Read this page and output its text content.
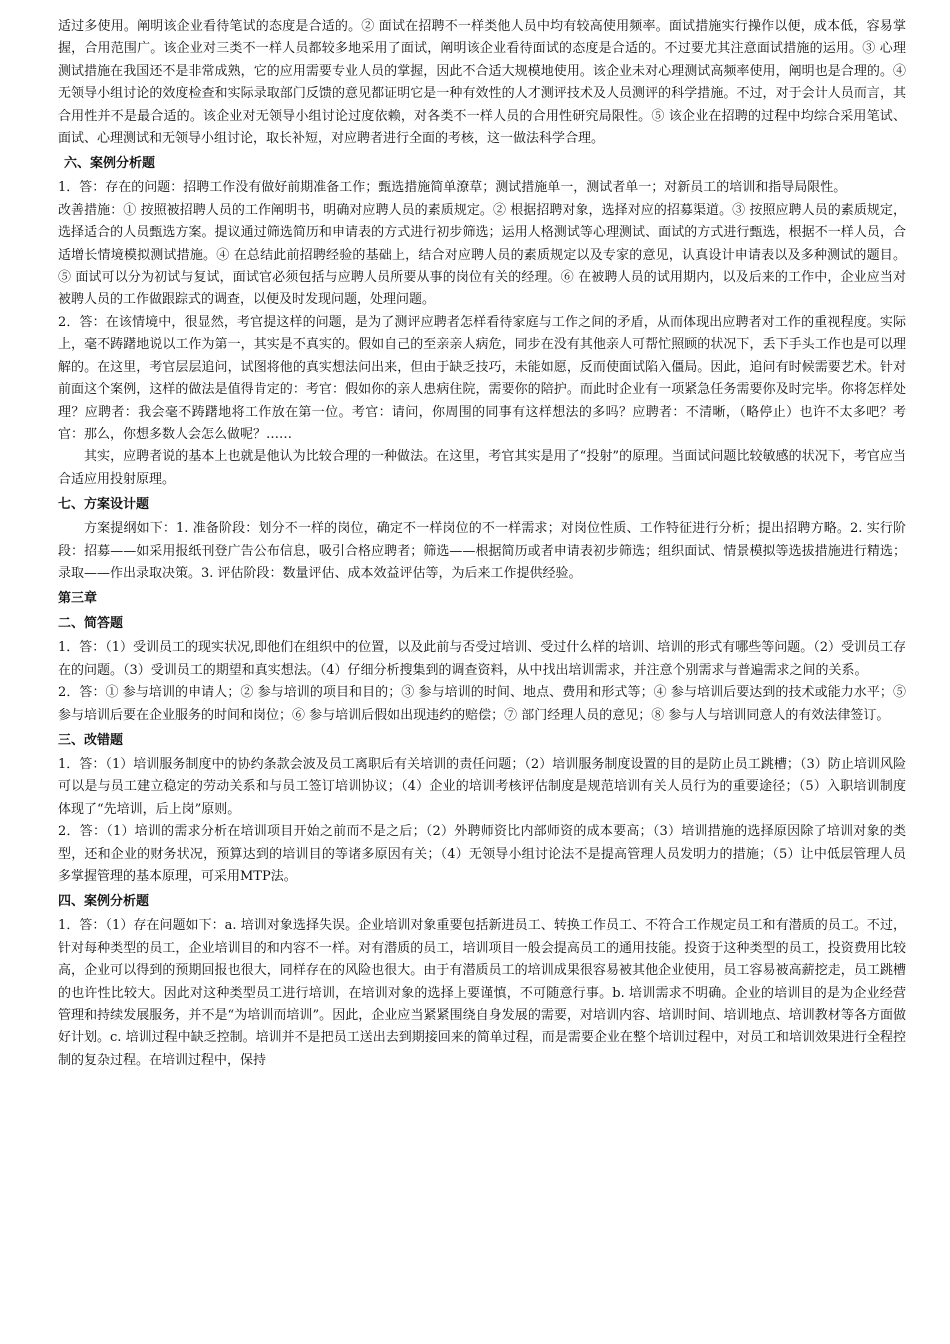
适过多使用。阐明该企业看待笔试的态度是合适的。② 面试在招聘不一样类他人员中均有较高使用频率。面试措施实行操作以便，成本低，容易掌握，合用范围广。该企业对三类不一样人员都较多地采用了面试，阐明该企业看待面试的态度是合适的。不过要尤其注意面试措施的运用。③ 心理测试措施在我国还不是非常成熟，它的应用需要专业人员的掌握，因此不合适大规模地使用。该企业未对心理测试高频率使用，阐明也是合理的。④ 无领导小组讨论的效度检查和实际录取部门反馈的意见都证明它是一种有效性的人才测评技术及人员测评的科学措施。不过，对于会计人员而言，其合用性并不是最合适的。该企业对无领导小组讨论过度依赖，对各类不一样人员的合用性研究局限性。⑤ 该企业在招聘的过程中均综合采用笔试、面试、心理测试和无领导小组讨论，取长补短，对应聘者进行全面的考核，这一做法科学合理。

六、案例分析题

1．答：存在的问题：招聘工作没有做好前期准备工作；甄选措施简单潦草；测试措施单一，测试者单一；对新员工的培训和指导局限性。

改善措施：① 按照被招聘人员的工作阐明书，明确对应聘人员的素质规定。② 根据招聘对象，选择对应的招募渠道。③ 按照应聘人员的素质规定，选择适合的人员甄选方案。提议通过筛选简历和申请表的方式进行初步筛选；运用人格测试等心理测试、面试的方式进行甄选，根据不一样人员，合适增长情境模拟测试措施。④ 在总结此前招聘经验的基础上，结合对应聘人员的素质规定以及专家的意见，认真设计申请表以及多种测试的题目。⑤ 面试可以分为初试与复试，面试官必须包括与应聘人员所要从事的岗位有关的经理。⑥ 在被聘人员的试用期内，以及后来的工作中，企业应当对被聘人员的工作做跟踪式的调查，以便及时发现问题，处理问题。

2．答：在该情境中，很显然，考官提这样的问题，是为了测评应聘者怎样看待家庭与工作之间的矛盾，从而体现出应聘者对工作的重视程度。实际上，毫不踌躇地说以工作为第一，其实是不真实的。假如自己的至亲亲人病危，同步在没有其他亲人可帮忙照顾的状况下，丢下手头工作也是可以理解的。在这里，考官层层追问，试图将他的真实想法问出来，但由于缺乏技巧，未能如愿，反而使面试陷入僵局。因此，追问有时候需要艺术。针对前面这个案例，这样的做法是值得肯定的：考官：假如你的亲人患病住院，需要你的陪护。而此时企业有一项紧急任务需要你及时完毕。你将怎样处理？应聘者：我会毫不踌躇地将工作放在第一位。考官：请问，你周围的同事有这样想法的多吗？应聘者：不清晰，（略停止）也许不太多吧？考官：那么，你想多数人会怎么做呢？……

其实，应聘者说的基本上也就是他认为比较合理的一种做法。在这里，考官其实是用了“投射”的原理。当面试问题比较敏感的状况下，考官应当合适应用投射原理。

七、方案设计题

方案提纲如下：1. 准备阶段：划分不一样的岗位，确定不一样岗位的不一样需求；对岗位性质、工作特征进行分析；提出招聘方略。2. 实行阶段：招募——如采用报纸刊登广告公布信息，吸引合格应聘者；筛选——根据简历或者申请表初步筛选；组织面试、情景模拟等选拔措施进行精选；录取——作出录取决策。3. 评估阶段：数量评估、成本效益评估等，为后来工作提供经验。

第三章
二、简答题

1．答：（1）受训员工的现实状况,即他们在组织中的位置，以及此前与否受过培训、受过什么样的培训、培训的形式有哪些等问题。（2）受训员工存在的问题。（3）受训员工的期望和真实想法。（4）仔细分析搜集到的调查资料，从中找出培训需求，并注意个别需求与普遍需求之间的关系。

2．答：① 参与培训的申请人；② 参与培训的项目和目的；③ 参与培训的时间、地点、费用和形式等；④ 参与培训后要达到的技术或能力水平；⑤ 参与培训后要在企业服务的时间和岗位；⑥ 参与培训后假如出现违约的赔偿；⑦ 部门经理人员的意见；⑧ 参与人与培训同意人的有效法律签订。

三、改错题

1．答：（1）培训服务制度中的协约条款会波及员工离职后有关培训的责任问题；（2）培训服务制度设置的目的是防止员工跳槽；（3）防止培训风险可以是与员工建立稳定的劳动关系和与员工签订培训协议；（4）企业的培训考核评估制度是规范培训有关人员行为的重要途径；（5）入职培训制度体现了“先培训，后上岗”原则。

2．答：（1）培训的需求分析在培训项目开始之前而不是之后；（2）外聘师资比内部师资的成本要高；（3）培训措施的选择原因除了培训对象的类型，还和企业的财务状况，预算达到的培训目的等诸多原因有关；（4）无领导小组讨论法不是提高管理人员发明力的措施；（5）让中低层管理人员多掌握管理的基本原理，可采用MTP法。

四、案例分析题

1．答：（1）存在问题如下：a. 培训对象选择失误。企业培训对象重要包括新进员工、转换工作员工、不符合工作规定员工和有潜质的员工。不过，针对每种类型的员工，企业培训目的和内容不一样。对有潜质的员工，培训项目一般会提高员工的通用技能。投资于这种类型的员工，投资费用比较高，企业可以得到的预期回报也很大，同样存在的风险也很大。由于有潜质员工的培训成果很容易被其他企业使用，员工容易被高薪挖走，员工跳槽的也许性比较大。因此对这种类型员工进行培训，在培训对象的选择上要谨慎，不可随意行事。b. 培训需求不明确。企业的培训目的是为企业经营管理和持续发展服务，并不是“为培训而培训”。因此，企业应当紧紧围绕自身发展的需要，对培训内容、培训时间、培训地点、培训教材等各方面做好计划。c. 培训过程中缺乏控制。培训并不是把员工送出去到期接回来的简单过程，而是需要企业在整个培训过程中，对员工和培训效果进行全程控制的复杂过程。在培训过程中，保持
